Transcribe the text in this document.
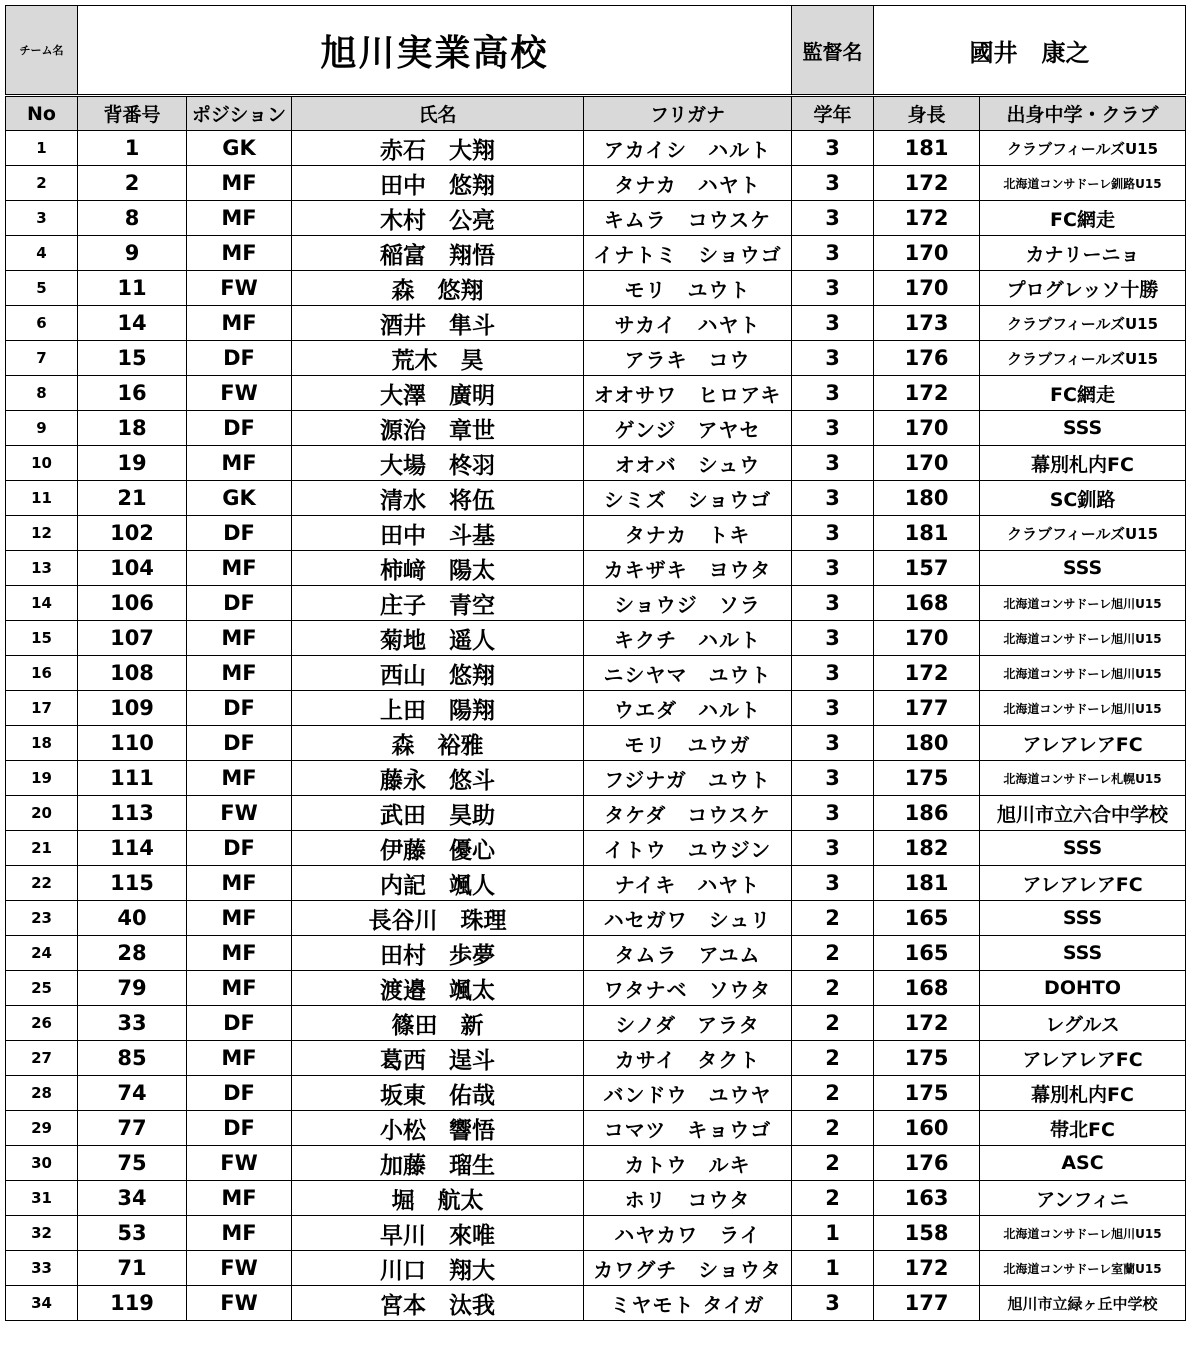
チーム名	旭川実業高校				監督名	國井　康之	
No	背番号	ポジション	氏名	フリガナ	学年	身長	出身中学・クラブ
1	1	GK	赤石　大翔	アカイシ　ハルト	3	181	クラブフィールズU15
2	2	MF	田中　悠翔	タナカ　ハヤト	3	172	北海道コンサドーレ釧路U15
3	8	MF	木村　公亮	キムラ　コウスケ	3	172	FC網走
4	9	MF	稲富　翔悟	イナトミ　ショウゴ	3	170	カナリーニョ
5	11	FW	森　悠翔	モリ　ユウト	3	170	プログレッソ十勝
6	14	MF	酒井　隼斗	サカイ　ハヤト	3	173	クラブフィールズU15
7	15	DF	荒木　昊	アラキ　コウ	3	176	クラブフィールズU15
8	16	FW	大澤　廣明	オオサワ　ヒロアキ	3	172	FC網走
9	18	DF	源治　章世	ゲンジ　アヤセ	3	170	SSS
10	19	MF	大場　柊羽	オオバ　シュウ	3	170	幕別札内FC
11	21	GK	清水　将伍	シミズ　ショウゴ	3	180	SC釧路
12	102	DF	田中　斗基	タナカ　トキ	3	181	クラブフィールズU15
13	104	MF	柿﨑　陽太	カキザキ　ヨウタ	3	157	SSS
14	106	DF	庄子　青空	ショウジ　ソラ	3	168	北海道コンサドーレ旭川U15
15	107	MF	菊地　遥人	キクチ　ハルト	3	170	北海道コンサドーレ旭川U15
16	108	MF	西山　悠翔	ニシヤマ　ユウト	3	172	北海道コンサドーレ旭川U15
17	109	DF	上田　陽翔	ウエダ　ハルト	3	177	北海道コンサドーレ旭川U15
18	110	DF	森　裕雅	モリ　ユウガ	3	180	アレアレアFC
19	111	MF	藤永　悠斗	フジナガ　ユウト	3	175	北海道コンサドーレ札幌U15
20	113	FW	武田　昊助	タケダ　コウスケ	3	186	旭川市立六合中学校
21	114	DF	伊藤　優心	イトウ　ユウジン	3	182	SSS
22	115	MF	内記　颯人	ナイキ　ハヤト	3	181	アレアレアFC
23	40	MF	長谷川　珠理	ハセガワ　シュリ	2	165	SSS
24	28	MF	田村　歩夢	タムラ　アユム	2	165	SSS
25	79	MF	渡邉　颯太	ワタナベ　ソウタ	2	168	DOHTO
26	33	DF	篠田　新	シノダ　アラタ	2	172	レグルス
27	85	MF	葛西　逞斗	カサイ　タクト	2	175	アレアレアFC
28	74	DF	坂東　佑哉	バンドウ　ユウヤ	2	175	幕別札内FC
29	77	DF	小松　響悟	コマツ　キョウゴ	2	160	帯北FC
30	75	FW	加藤　瑠生	カトウ　ルキ	2	176	ASC
31	34	MF	堀　航太	ホリ　コウタ	2	163	アンフィニ
32	53	MF	早川　來唯	ハヤカワ　ライ	1	158	北海道コンサドーレ旭川U15
33	71	FW	川口　翔大	カワグチ　ショウタ	1	172	北海道コンサドーレ室蘭U15
34	119	FW	宮本　汰我	ミヤモト タイガ	3	177	旭川市立緑ヶ丘中学校
